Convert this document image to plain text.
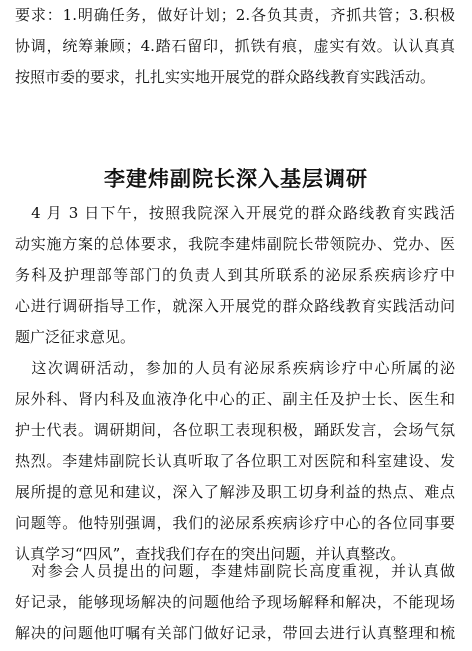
要求：1.明确任务，做好计划；2.各负其责，齐抓共管；3.积极
协调，统筹兼顾；4.踏石留印，抓铁有痕，虚实有效。认认真真
按照市委的要求，扎扎实实地开展党的群众路线教育实践活动。
李建炜副院长深入基层调研
　4 月 3 日下午，按照我院深入开展党的群众路线教育实践活
动实施方案的总体要求，我院李建炜副院长带领院办、党办、医
务科及护理部等部门的负责人到其所联系的泌尿系疾病诊疗中
心进行调研指导工作，就深入开展党的群众路线教育实践活动问
题广泛征求意见。
　这次调研活动，参加的人员有泌尿系疾病诊疗中心所属的泌
尿外科、肾内科及血液净化中心的正、副主任及护士长、医生和
护士代表。调研期间，各位职工表现积极，踊跃发言，会场气氛
热烈。李建炜副院长认真听取了各位职工对医院和科室建设、发
展所提的意见和建议，深入了解涉及职工切身利益的热点、难点
问题等。他特别强调，我们的泌尿系疾病诊疗中心的各位同事要
认真学习“四风”，查找我们存在的突出问题，并认真整改。
　对参会人员提出的问题，李建炜副院长高度重视，并认真做
好记录，能够现场解决的问题他给予现场解释和解决，不能现场
解决的问题他叮嘱有关部门做好记录，带回去进行认真整理和梳
